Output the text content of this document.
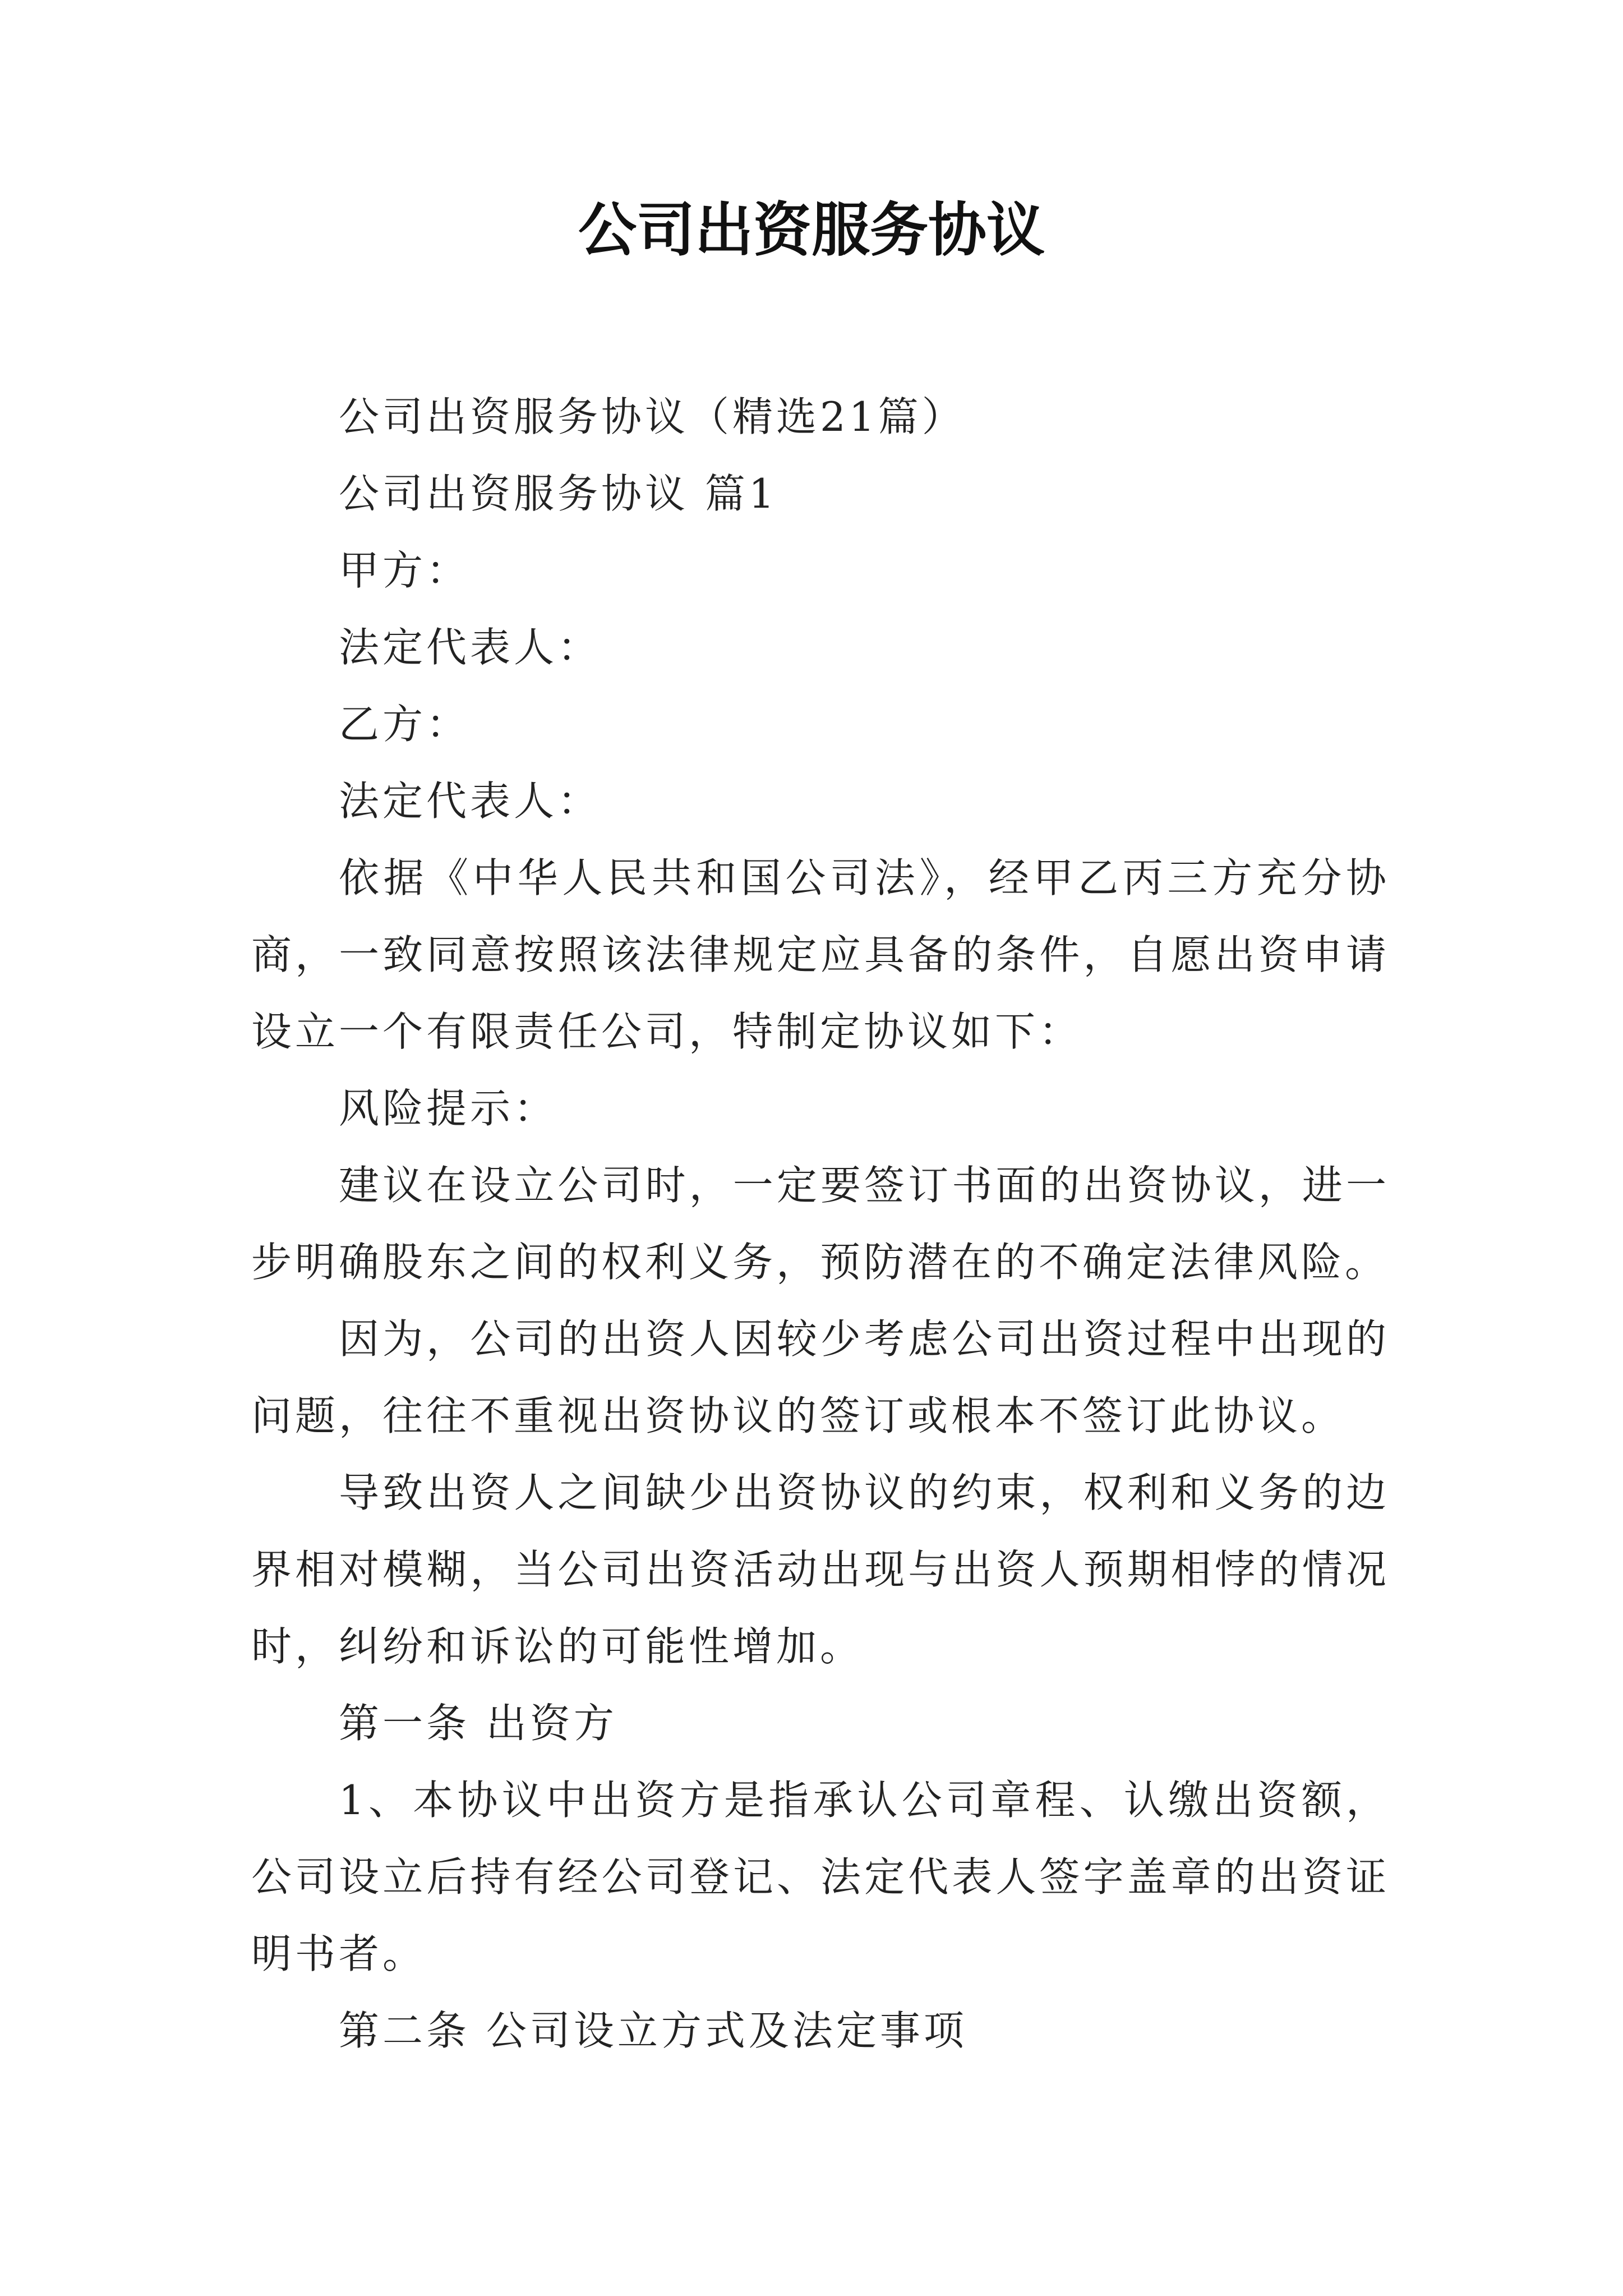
公司出资服务协议

公司出资服务协议（精选21篇）

公司出资服务协议 篇1

甲方：

法定代表人：

乙方：

法定代表人：

依据《中华人民共和国公司法》，经甲乙丙三方充分协商，一致同意按照该法律规定应具备的条件，自愿出资申请设立一个有限责任公司，特制定协议如下：

风险提示：

建议在设立公司时，一定要签订书面的出资协议，进一步明确股东之间的权利义务，预防潜在的不确定法律风险。

因为，公司的出资人因较少考虑公司出资过程中出现的问题，往往不重视出资协议的签订或根本不签订此协议。

导致出资人之间缺少出资协议的约束，权利和义务的边界相对模糊，当公司出资活动出现与出资人预期相悖的情况时，纠纷和诉讼的可能性增加。

第一条 出资方

1、本协议中出资方是指承认公司章程、认缴出资额，公司设立后持有经公司登记、法定代表人签字盖章的出资证明书者。

第二条 公司设立方式及法定事项
